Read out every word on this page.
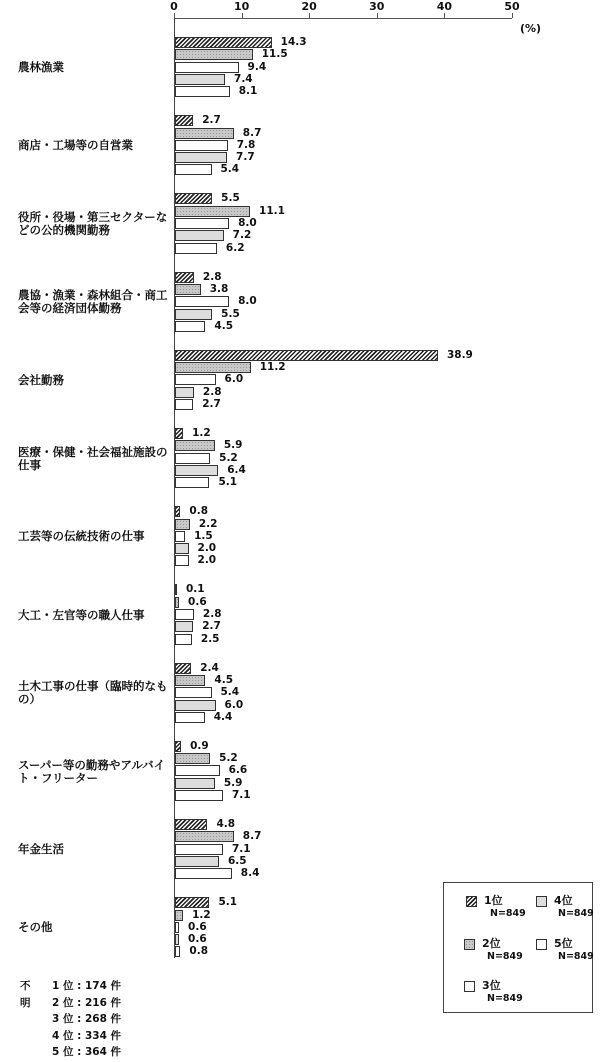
0	10	20	30	40	50
(%)
農林漁業
商店・工場等の自営業
役所・役場・第三セクターな
どの公的機関勤務
農協・漁業・森林組合・商工
会等の経済団体勤務
会社勤務
医療・保健・社会福祉施設の
仕事
工芸等の伝統技術の仕事
大工・左官等の職人仕事
土木工事の仕事（臨時的なも
の）
スーパー等の勤務やアルバイ
ト・フリーター
年金生活
その他
14.3
11.5
9.4
7.4
8.1
2.7
8.7
7.8
7.7
5.4
5.5
11.1
8.0
7.2
6.2
2.8
3.8
8.0
5.5
4.5
38.9
11.2
6.0
2.8
2.7
1.2
5.9
5.2
6.4
5.1
0.8
2.2
1.5
2.0
2.0
0.1
0.6
2.8
2.7
2.5
2.4
4.5
5.4
6.0
4.4
0.9
5.2
6.6
5.9
7.1
4.8
8.7
7.1
6.5
8.4
5.1
1.2
0.6
0.6
0.8
1位
N=849
4位
N=849
2位
N=849
5位
N=849
3位
N=849
不明
1 位 : 174 件
2 位 : 216 件
3 位 : 268 件
4 位 : 334 件
5 位 : 364 件
